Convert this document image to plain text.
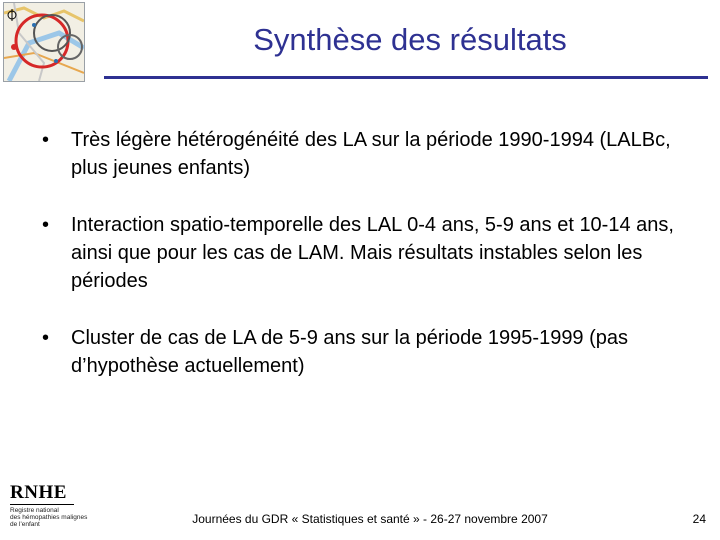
Synthèse des résultats
• Très légère hétérogénéité des LA sur la période 1990-1994 (LALBc, plus jeunes enfants)
• Interaction spatio-temporelle des LAL 0-4 ans, 5-9 ans et 10-14 ans, ainsi que pour les cas de LAM. Mais résultats instables selon les périodes
• Cluster de cas de LA de 5-9 ans sur la période 1995-1999 (pas d’hypothèse actuellement)
RNHE
Registre national
des hémopathies malignes
de l'enfant	Journées du GDR « Statistiques et santé » - 26-27 novembre 2007	24
